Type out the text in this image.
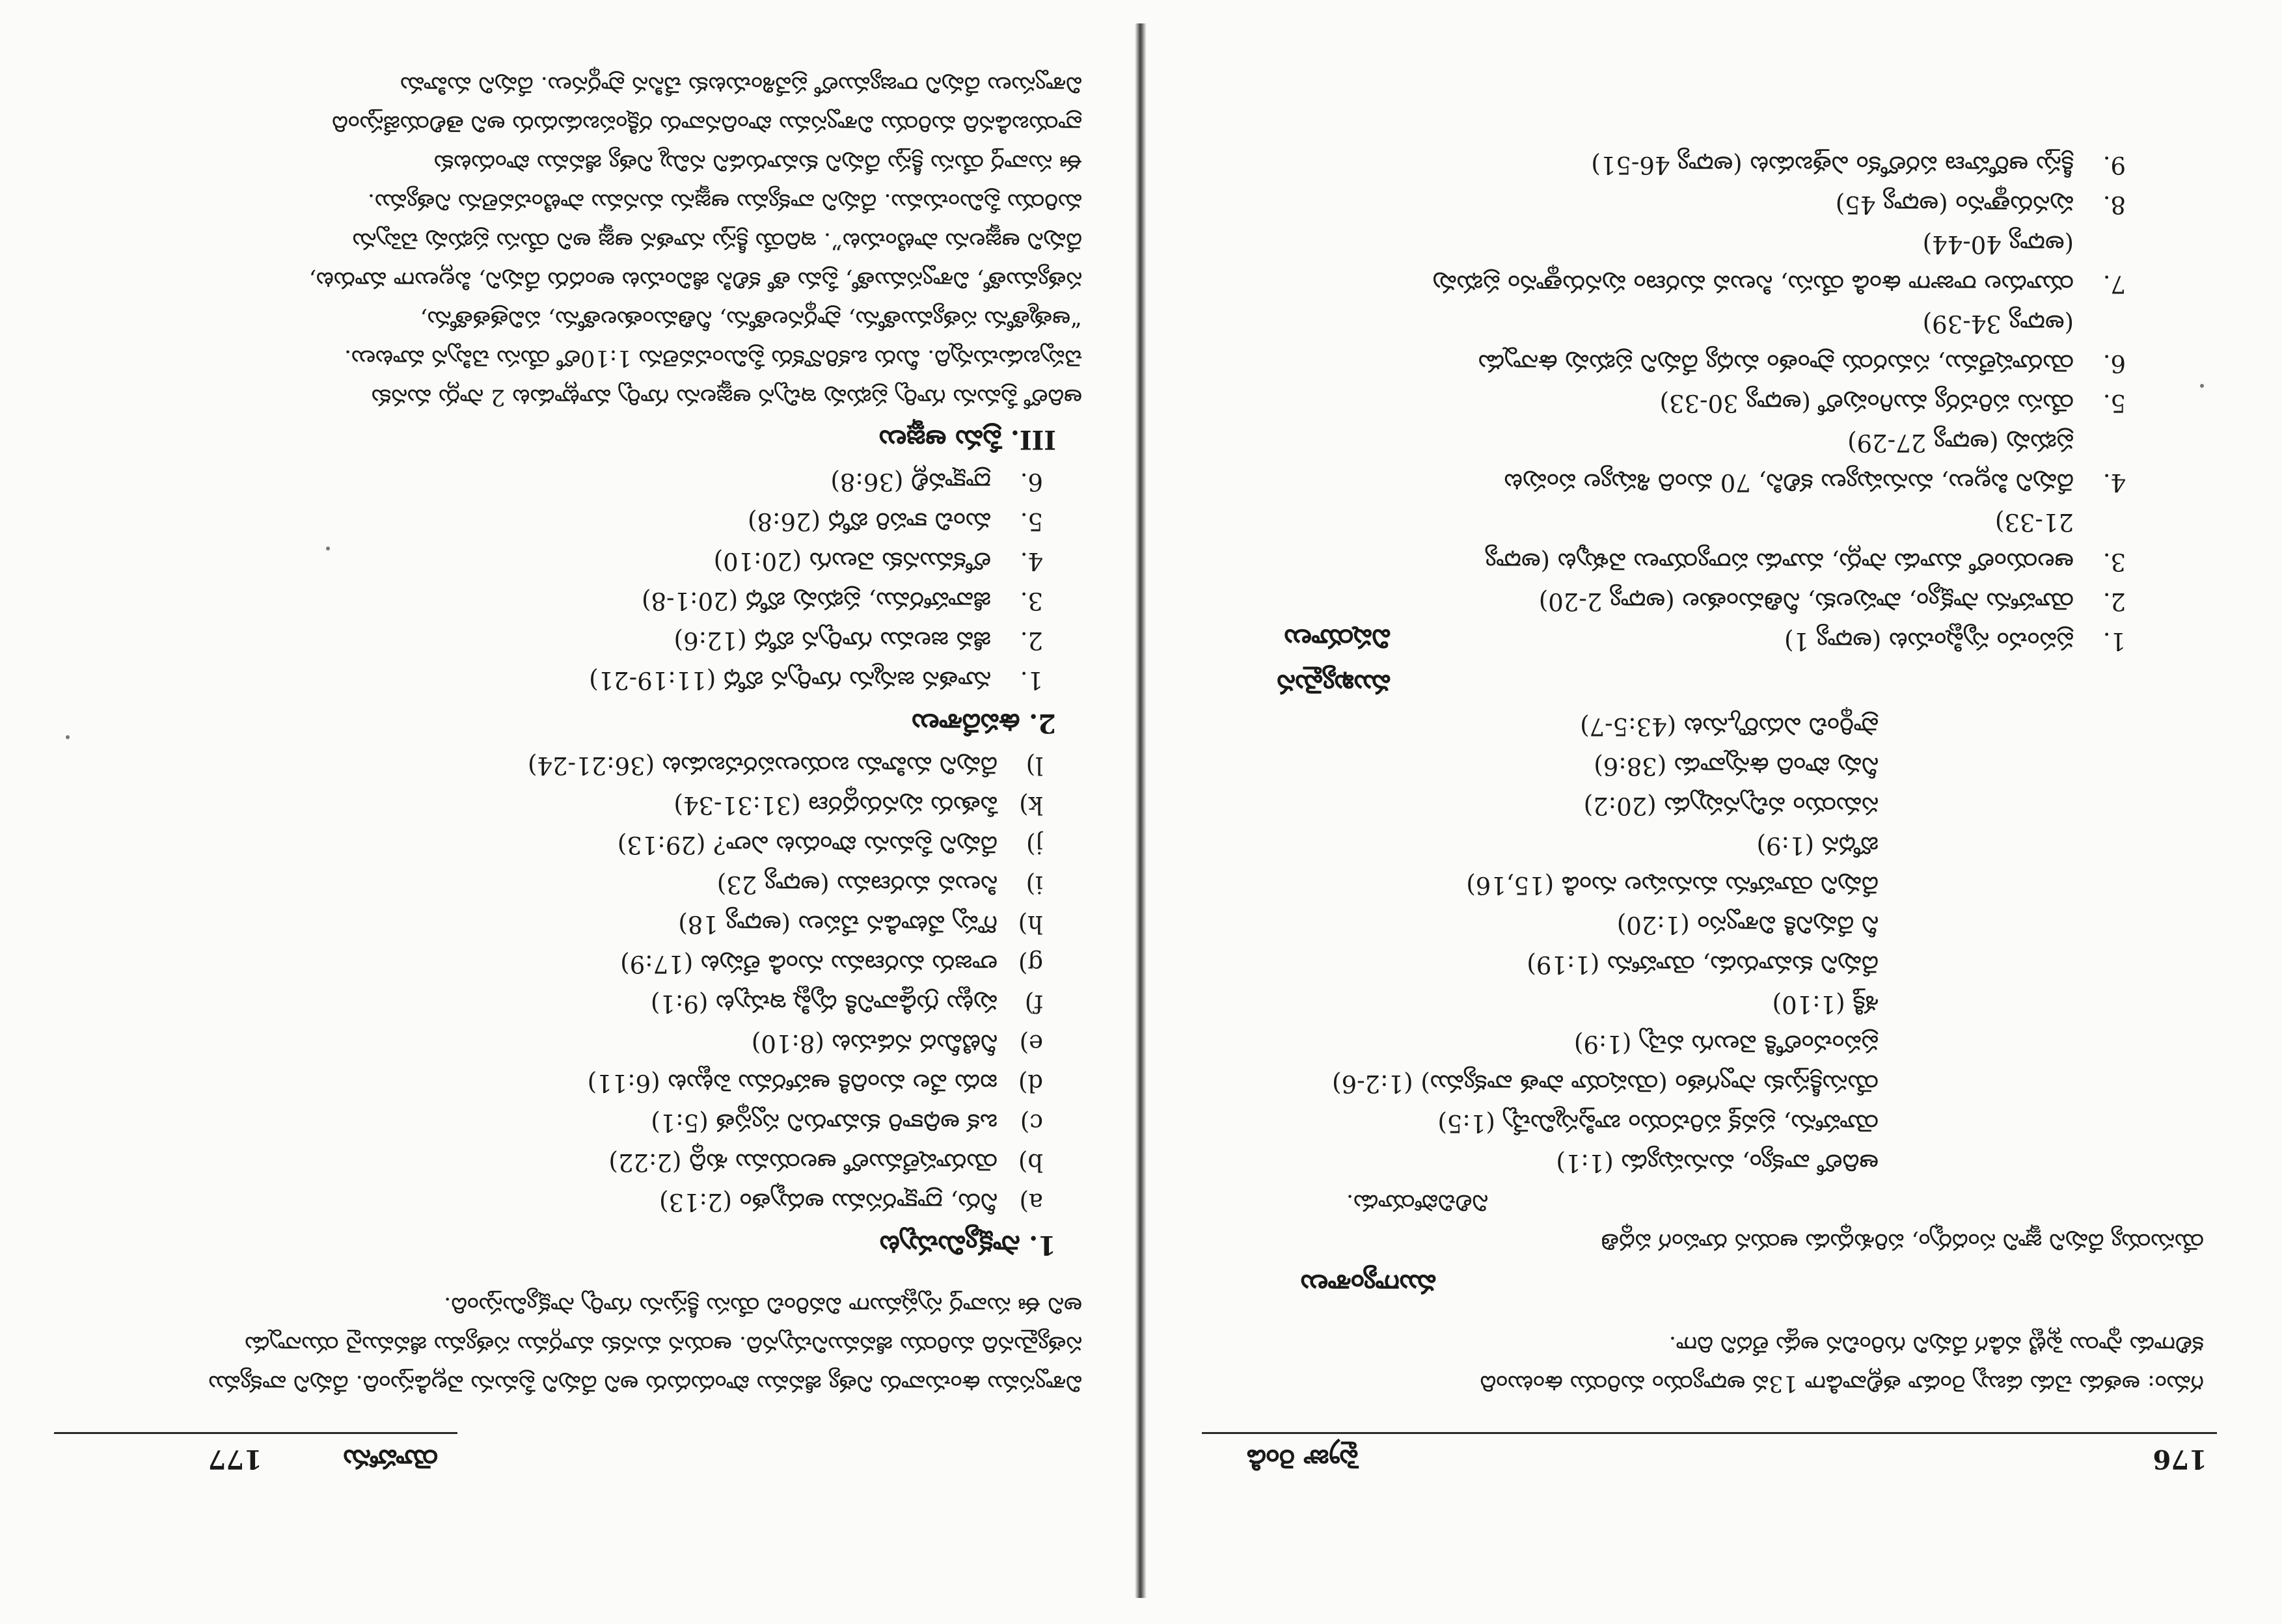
176
ప్రైజు రెండి
గమం: అతడు చెడు డబ్బు రెండూ తల్లివాడిగా 13వ అధ్యాయం మరియు ఉంటుంది
కలిగాడు స్థాయి ఫ్లెట్టి వడిగ దేవుని గురించిన అడ్డు లేదని దిగా.
ముగ్యాంశాలు
యేసుయ్య దేవుని జ్ఞాని సందర్భం, పరిశుద్ధుడు ఆయన రూపంగ పద్ధతి
నిలిచిపోయాడు.
ఆదిలో వాక్యం, మనుష్యుడు (1:1)
యోహాను, ప్రవక్త పరిచయం బాప్తిస్మమిచ్చే (1:5)
యేసుక్రీస్తుకు స్వాగతం (యెషయా పాత వాక్యము) (1:2-6)
ప్రపంచంలోకి వెలుగు వచ్చె (1:9)
శక్తి (1:10)
దేవుని కుమారుడు, యోహాను (1:19)
నీ దేవునికి విశ్వాసం (1:20)
దేవుని యోహాను మనుషుల నుండి (15,16)
బోధన (1:9)
సమయం వచ్చినప్పుడు (20:2)
నీవు పొంది ఉన్నవాడు (38:6)
ప్రార్థించి ఎదుర్కొనుట (43:5-7)
ముఖ్యమైన విషయాలు	1.ప్రపంచం సృష్టించుట (అధ్యా 1)
2.యోహాను సాక్ష్యం, పాపులకు, నీతిమంతుల (అధ్యా 2-20)
3.ఆలయంలో మూడు సార్లు, మూడు పర్యాయాలు వెళ్ళుట (అధ్యా
21-33)
4.దేవుని పిల్లలు, మనుష్యులు కలిసి, 70 మంది శిష్యుల పంపుట
ప్రభువు (అధ్యా 27-29)
5.యేసు పరిచర్య ముగింపులో (అధ్యా 30-33)
6.యెరూషలేము, సమరయ ప్రాంతం మధ్య దేవుని ప్రభువు ఉన్నాడు
(అధ్యా 34-39)
7.యూదుల రాజుగా ఉండి యేసు, సిలువ మరణం పునరుత్థానం ప్రభువు
(అధ్యా 40-44)
8.పునరుత్థానం (అధ్యా 45)
9.క్రీస్తు ఆరోహణ పరలోకం ఎత్తబడుట (అధ్యా 46-51)
యోహాను
177
విశ్వాసము ఉంచువారు నిత్య జీవము పొందుదురు అని దేవుని ప్రేమను వెల్లడిస్తుంది. దేవుని వాక్యము
సత్యమైనది మరియు జీవమునిచ్చునది. ఆయన మనకు మార్గము సత్యము జీవమునై యున్నాడు
అని ఈ సువార్త స్పష్టముగా వివరించి యేసు క్రీస్తును గూర్చి సాక్ష్యమిస్తుంది.
1. సాక్ష్యమిచ్చుట
a)నీరు, ద్రాక్షారసము అద్భుతం (2:13)
b)యెరూషలేములో ఆలయము శుద్ధి (2:22)
c)ఒక అధికారి కుమారుని స్వస్థత (5:1)
d)ఐదు వేల మందికి ఆహారము పెట్టుట (6:11)
e)నీటిమీద నడచుట (8:10)
f)పుట్టు గ్రుడ్డివానికి దృష్టి ఇచ్చుట (9:1)
g)లాజరు మరణము నుండి లేపుట (17:9)
h)గొప్ప వేటాడిన చేపలు (అధ్యా 18)
i)సిలువ మరణము (అధ్యా 23)
j)దేవుని ప్రేమను పొందుట ఎలా? (29:13)
k)పేతురు పునరుద్ధరణ (31:31-34)
l)దేవుని మహిమ బయలుపరచబడుట (36:21-24)
2. ఉపదేశాలు
1.నూతన జన్మను గూర్చిన బోధ (11:19-21)
2.జీవ జలము గూర్చిన బోధ (12:6)
3.జీవాహారము, ప్రభువు బోధ (20:1-8)
4.లోకమునకు వెలుగు (20:10)
5.మంచి కాపరి బోధ (26:8)
6.ద్రాక్షావల్లి (36:8)
III. ప్రేమ ఆజ్ఞలు
ఆదిలో ప్రేమను గూర్చి ప్రభువు ఇచ్చిన ఆజ్ఞలను గూర్చి మాట్లాడుట 2 సార్లు మనకు
చెప్పబడుచున్నది. మీరు ఒకరినొకరు ప్రేమించవలెను 1:10లో యేసు చెప్పిన మాటలు.
“ఆత్మతోను సత్యముతోను, ప్రార్థనలతోను, నీతిమంతులతోను, పవిత్రతతోను,
సత్యముతో, విశ్వాసముతో, ప్రేమ తో కలిసి జీవించుట అందరు దేవుని, పిల్లలుగా మారుట,
దేవుని ఆజ్ఞలను పాటించుట”. ఇదియే క్రీస్తు నూతన ఆజ్ఞ అని యేసు ప్రభువు చెప్పెను
మరియు ప్రేమించుము. దేవుని వాక్యము ఆజ్ఞను మనము పాటించవలెను నిత్యము.
ఈ సువార్త యేసు క్రీస్తు దేవుని కుమారుడని నమ్మి నిత్య జీవము పొందుటకు
వ్రాయబడినది మరియు విశ్వాసము పొందినవారు రక్షింపబడుదురు అని తెలియజేస్తుంది
విశ్వాసులు దేవుని రాజ్యములో ప్రవేశించుటకు చేసిన ప్రార్థనలు. దేవుని మహిమ
